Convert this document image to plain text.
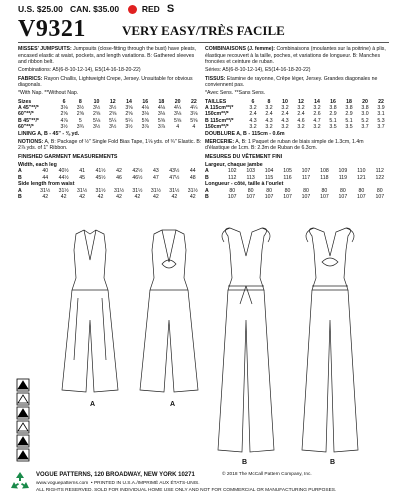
U.S. $25.00 CAN. $35.00	RED S
V9321	VERY EASY/TRÈS FACILE

MISSES' JUMPSUITS: Jumpsuits (close-fitting through the bust) have pleats, encased elastic at waist, pockets, and length variations. B: Gathered sleeves and ribbon belt.

Combinations: A5(6-8-10-12-14), E5(14-16-18-20-22)

FABRICS: Rayon Challis, Lightweight Crepe, Jersey. Unsuitable for obvious diagonals.

*With Nap. **Without Nap.

Sizes	6	8	10	12	14	16	18	20	22
A 45"**/*	3⅛	3½	3½	3½	3⅝	4⅛	4⅛	4¼	4¼
60"**/*	2⅝	2⅝	2⅝	2⅝	2⅝	3⅛	3⅛	3⅛	3⅛
B 45"**/*	4⅞	5	5⅛	5¼	5¼	5⅝	5⅝	5⅝	5⅝
60"**/*	3½	3¾	3½	3½	3½	3⅞	3⅞	4	4

LINING A, B - 45" - ⅜ yd.

NOTIONS: A, B: Package of ½" Single Fold Bias Tape, 1⅛ yds. of ¾" Elastic. B: 2⅞ yds. of 1" Ribbon.

FINISHED GARMENT MEASUREMENTS

Width, each leg

A	40	40½	41	41½	42	42½	43	43½	44
B	44	44½	45	45½	46	46½	47	47½	48

Side length from waist

A	31½	31½	31½	31½	31½	31½	31½	31½	31½
B	42	42	42	42	42	42	42	42	42

COMBINAISONS (J. femme): Combinaisons (moulantes sur la poitrine) à plis, élastique recouvert à la taille, poches, et variations de longueur. B: Manches froncées et ceinture de ruban.

Séries: A5(6-8-10-12-14), E5(14-16-18-20-22)

TISSUS: Etamine de rayonne, Crêpe léger, Jersey. Grandes diagonales ne conviennent pas.

*Avec Sens. **Sans Sens.

TAILLES	6	8	10	12	14	16	18	20	22
A 115cm**/*	3.2	3.2	3.2	3.2	3.2	3.8	3.8	3.8	3.9
150cm**/*	2.4	2.4	2.4	2.4	2.6	2.9	2.9	3.0	3.1
B 115cm**/*	4.3	4.3	4.3	4.6	4.7	5.1	5.1	5.2	5.3
150cm**/*	3.2	3.2	3.2	3.2	3.2	3.5	3.5	3.7	3.7

DOUBLURE A, B - 115cm - 0.6m

MERCERIE: A, B: 1 Paquet de ruban de biais simple de 1.3cm, 1.4m d'élastique de 1cm. B: 2.3m de Ruban de 6.3cm.

MESURES DU VÊTEMENT FINI

Largeur, chaque jambe

A	102	103	104	105	107	108	109	110	112
B	112	113	115	116	117	118	119	121	122

Longueur - côté, taille à l'ourlet

A	80	80	80	80	80	80	80	80	80
B	107	107	107	107	107	107	107	107	107
A	A
B	B
VOGUE PATTERNS, 120 BROADWAY, NEW YORK 10271	© 2018 The McCall Pattern Company, Inc.
www.voguepatterns.com  • PRINTED IN U.S.A./IMPRIMÉ AUX ÉTATS-UNIS.
ALL RIGHTS RESERVED. SOLD FOR INDIVIDUAL HOME USE ONLY AND NOT FOR COMMERCIAL OR MANUFACTURING PURPOSES.
